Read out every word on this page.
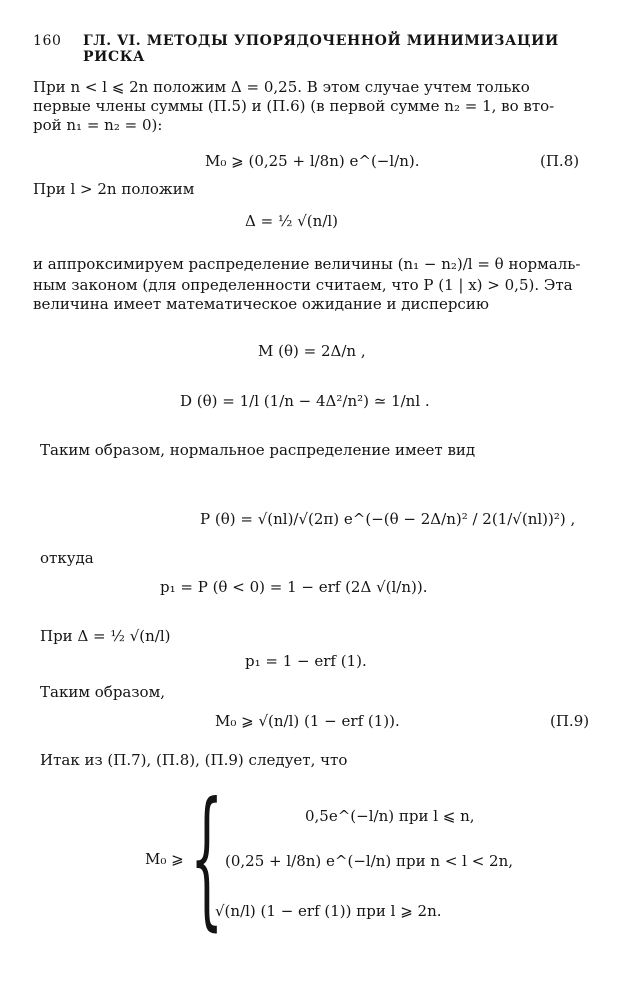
160 ГЛ. VI. МЕТОДЫ УПОРЯДОЧЕННОЙ МИНИМИЗАЦИИ РИСКА
При n < l ⩽ 2n положим Δ = 0,25. В этом случае учтем только
первые члены суммы (П.5) и (П.6) (в первой сумме n₂ = 1, во вто-
рой n₁ = n₂ = 0):
M₀ ⩾ (0,25 + l/8n) e^(−l/n).	(П.8)
При l > 2n положим
Δ = ½ √(n/l)
и аппроксимируем распределение величины (n₁ − n₂)/l = θ нормаль-
ным законом (для определенности считаем, что P (1 | x) > 0,5). Эта
величина имеет математическое ожидание и дисперсию
M (θ) = 2Δ/n ,
D (θ) = 1/l (1/n − 4Δ²/n²) ≃ 1/nl .
Таким образом, нормальное распределение имеет вид
P (θ) = √(nl)/√(2π) e^(−(θ − 2Δ/n)² / 2(1/√(nl))²) ,
откуда
p₁ = P (θ < 0) = 1 − erf (2Δ √(l/n)).
При Δ = ½ √(n/l)
p₁ = 1 − erf (1).
Таким образом,
M₀ ⩾ √(n/l) (1 − erf (1)).	(П.9)
Итак из (П.7), (П.8), (П.9) следует, что
M₀ ⩾ {	0,5e^(−l/n) при l ⩽ n,
(0,25 + l/8n) e^(−l/n) при n < l < 2n,
√(n/l) (1 − erf (1)) при l ⩾ 2n.
